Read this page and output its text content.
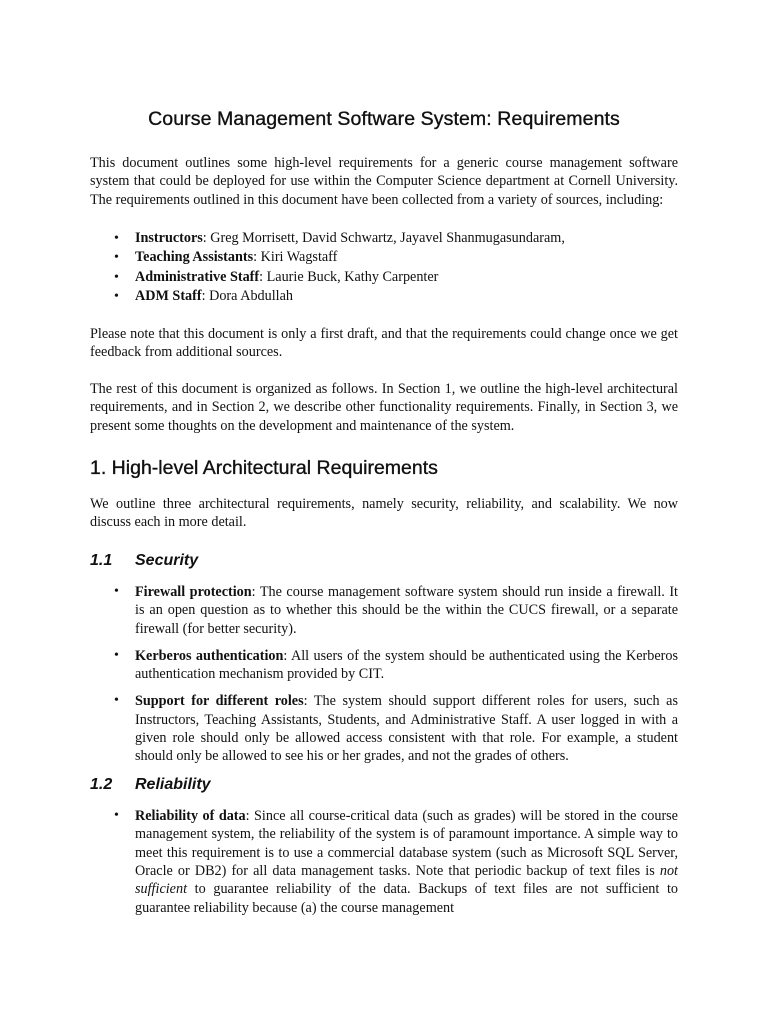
Course Management Software System: Requirements

This document outlines some high-level requirements for a generic course management software system that could be deployed for use within the Computer Science department at Cornell University. The requirements outlined in this document have been collected from a variety of sources, including:

• Instructors: Greg Morrisett, David Schwartz, Jayavel Shanmugasundaram,
• Teaching Assistants: Kiri Wagstaff
• Administrative Staff: Laurie Buck, Kathy Carpenter
• ADM Staff: Dora Abdullah

Please note that this document is only a first draft, and that the requirements could change once we get feedback from additional sources.

The rest of this document is organized as follows. In Section 1, we outline the high-level architectural requirements, and in Section 2, we describe other functionality requirements. Finally, in Section 3, we present some thoughts on the development and maintenance of the system.

1. High-level Architectural Requirements

We outline three architectural requirements, namely security, reliability, and scalability. We now discuss each in more detail.

1.1 Security
• Firewall protection: The course management software system should run inside a firewall. It is an open question as to whether this should be the within the CUCS firewall, or a separate firewall (for better security).
• Kerberos authentication: All users of the system should be authenticated using the Kerberos authentication mechanism provided by CIT.
• Support for different roles: The system should support different roles for users, such as Instructors, Teaching Assistants, Students, and Administrative Staff. A user logged in with a given role should only be allowed access consistent with that role. For example, a student should only be allowed to see his or her grades, and not the grades of others.
1.2 Reliability
• Reliability of data: Since all course-critical data (such as grades) will be stored in the course management system, the reliability of the system is of paramount importance. A simple way to meet this requirement is to use a commercial database system (such as Microsoft SQL Server, Oracle or DB2) for all data management tasks. Note that periodic backup of text files is not sufficient to guarantee reliability of the data. Backups of text files are not sufficient to guarantee reliability because (a) the course management
